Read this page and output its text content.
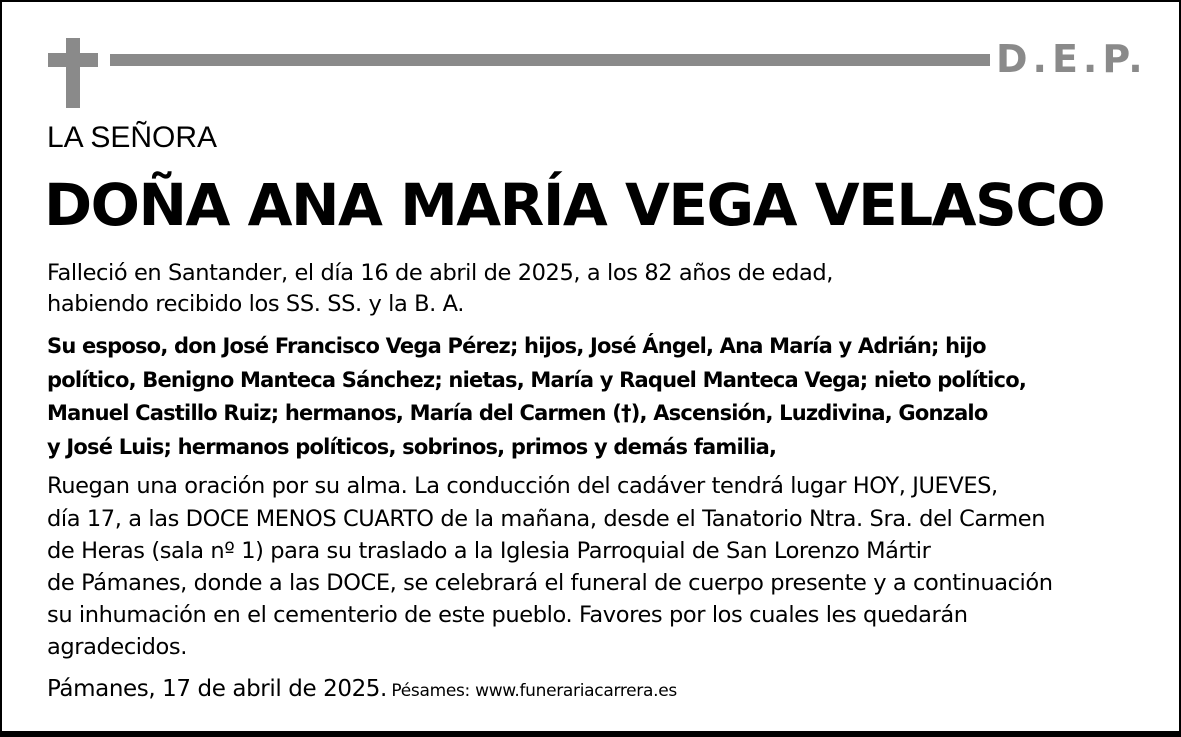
D.E.P.
LA SEÑORA
DOÑA ANA MARÍA VEGA VELASCO
Falleció en Santander, el día 16 de abril de 2025, a los 82 años de edad,
habiendo recibido los SS. SS. y la B. A.
Su esposo, don José Francisco Vega Pérez; hijos, José Ángel, Ana María y Adrián; hijo
político, Benigno Manteca Sánchez; nietas, María y Raquel Manteca Vega; nieto político,
Manuel Castillo Ruiz; hermanos, María del Carmen (†), Ascensión, Luzdivina, Gonzalo
y José Luis; hermanos políticos, sobrinos, primos y demás familia,
Ruegan una oración por su alma. La conducción del cadáver tendrá lugar HOY, JUEVES,
día 17, a las DOCE MENOS CUARTO de la mañana, desde el Tanatorio Ntra. Sra. del Carmen
de Heras (sala nº 1) para su traslado a la Iglesia Parroquial de San Lorenzo Mártir
de Pámanes, donde a las DOCE, se celebrará el funeral de cuerpo presente y a continuación
su inhumación en el cementerio de este pueblo. Favores por los cuales les quedarán
agradecidos.
Pámanes, 17 de abril de 2025. Pésames: www.funerariacarrera.es
